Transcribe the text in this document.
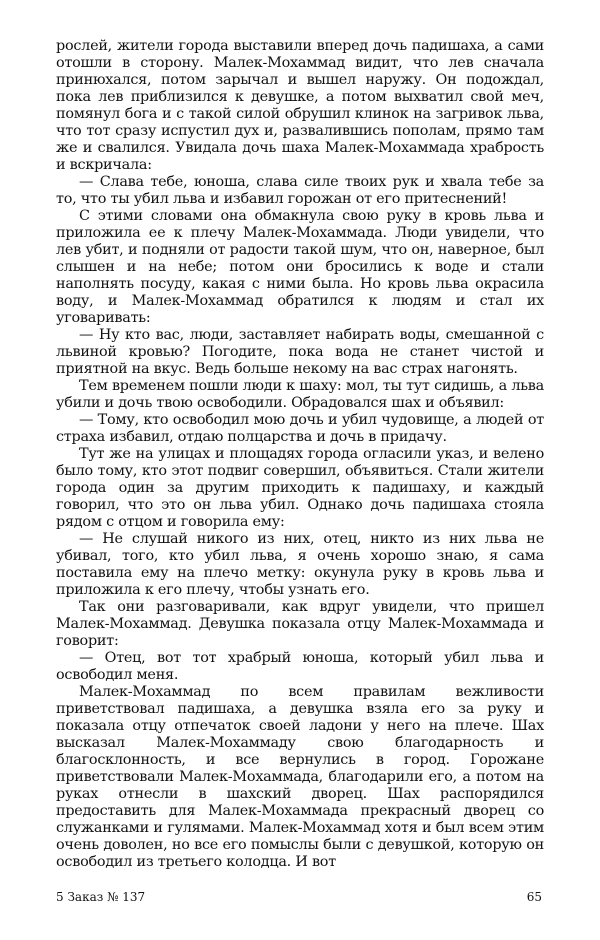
рослей, жители города выставили вперед дочь падишаха, а сами отошли в сторону. Малек-Мохаммад видит, что лев сначала принюхался, потом зарычал и вышел наружу. Он подождал, пока лев приблизился к девушке, а потом выхватил свой меч, помянул бога и с такой силой обрушил клинок на загривок льва, что тот сразу испустил дух и, развалившись пополам, прямо там же и свалился. Увидала дочь шаха Малек-Мохаммада храбрость и вскричала:

— Слава тебе, юноша, слава силе твоих рук и хвала тебе за то, что ты убил льва и избавил горожан от его притеснений!

С этими словами она обмакнула свою руку в кровь льва и приложила ее к плечу Малек-Мохаммада. Люди увидели, что лев убит, и подняли от радости такой шум, что он, наверное, был слышен и на небе; потом они бросились к воде и стали наполнять посуду, какая с ними была. Но кровь льва окрасила воду, и Малек-Мохаммад обратился к людям и стал их уговаривать:

— Ну кто вас, люди, заставляет набирать воды, смешанной с львиной кровью? Погодите, пока вода не станет чистой и приятной на вкус. Ведь больше некому на вас страх нагонять.

Тем временем пошли люди к шаху: мол, ты тут сидишь, а льва убили и дочь твою освободили. Обрадовался шах и объявил:

— Тому, кто освободил мою дочь и убил чудовище, а людей от страха избавил, отдаю полцарства и дочь в придачу.

Тут же на улицах и площадях города огласили указ, и велено было тому, кто этот подвиг совершил, объявиться. Стали жители города один за другим приходить к падишаху, и каждый говорил, что это он льва убил. Однако дочь падишаха стояла рядом с отцом и говорила ему:

— Не слушай никого из них, отец, никто из них льва не убивал, того, кто убил льва, я очень хорошо знаю, я сама поставила ему на плечо метку: окунула руку в кровь льва и приложила к его плечу, чтобы узнать его.

Так они разговаривали, как вдруг увидели, что пришел Малек-Мохаммад. Девушка показала отцу Малек-Мохаммада и говорит:

— Отец, вот тот храбрый юноша, который убил льва и освободил меня.

Малек-Мохаммад по всем правилам вежливости приветствовал падишаха, а девушка взяла его за руку и показала отцу отпечаток своей ладони у него на плече. Шах высказал Малек-Мохаммаду свою благодарность и благосклонность, и все вернулись в город. Горожане приветствовали Малек-Мохаммада, благодарили его, а потом на руках отнесли в шахский дворец. Шах распорядился предоставить для Малек-Мохаммада прекрасный дворец со служанками и гулямами. Малек-Мохаммад хотя и был всем этим очень доволен, но все его помыслы были с девушкой, которую он освободил из третьего колодца. И вот

5 Заказ № 137	65
